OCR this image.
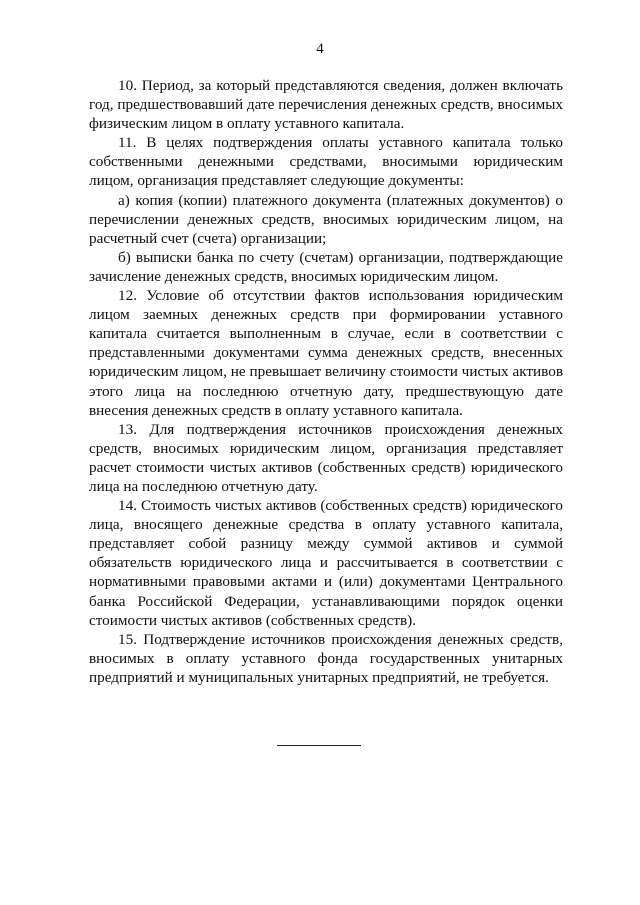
4

10. Период, за который представляются сведения, должен включать год, предшествовавший дате перечисления денежных средств, вносимых физическим лицом в оплату уставного капитала.

11. В целях подтверждения оплаты уставного капитала только собственными денежными средствами, вносимыми юридическим лицом, организация представляет следующие документы:

а) копия (копии) платежного документа (платежных документов) о перечислении денежных средств, вносимых юридическим лицом, на расчетный счет (счета) организации;

б) выписки банка по счету (счетам) организации, подтверждающие зачисление денежных средств, вносимых юридическим лицом.

12. Условие об отсутствии фактов использования юридическим лицом заемных денежных средств при формировании уставного капитала считается выполненным в случае, если в соответствии с представленными документами сумма денежных средств, внесенных юридическим лицом, не превышает величину стоимости чистых активов этого лица на последнюю отчетную дату, предшествующую дате внесения денежных средств в оплату уставного капитала.

13. Для подтверждения источников происхождения денежных средств, вносимых юридическим лицом, организация представляет расчет стоимости чистых активов (собственных средств) юридического лица на последнюю отчетную дату.

14. Стоимость чистых активов (собственных средств) юридического лица, вносящего денежные средства в оплату уставного капитала, представляет собой разницу между суммой активов и суммой обязательств юридического лица и рассчитывается в соответствии с нормативными правовыми актами и (или) документами Центрального банка Российской Федерации, устанавливающими порядок оценки стоимости чистых активов (собственных средств).

15. Подтверждение источников происхождения денежных средств, вносимых в оплату уставного фонда государственных унитарных предприятий и муниципальных унитарных предприятий, не требуется.
